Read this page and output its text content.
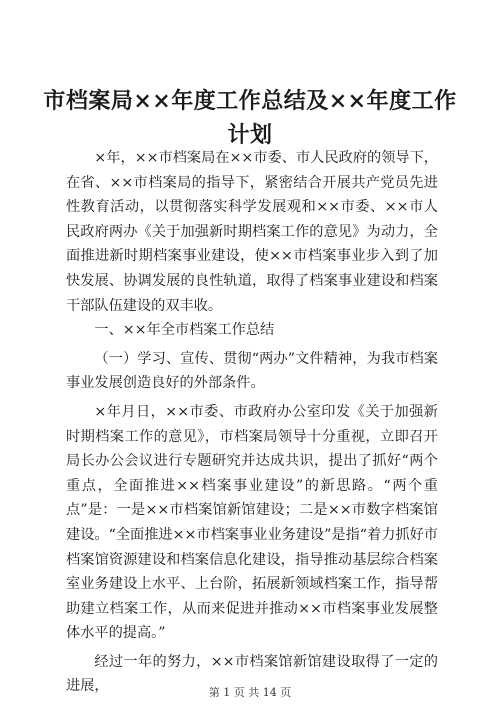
市档案局××年度工作总结及××年度工作计划

×年，××市档案局在××市委、市人民政府的领导下，在省、××市档案局的指导下，紧密结合开展共产党员先进性教育活动，以贯彻落实科学发展观和××市委、××市人民政府两办《关于加强新时期档案工作的意见》为动力，全面推进新时期档案事业建设，使××市档案事业步入到了加快发展、协调发展的良性轨道，取得了档案事业建设和档案干部队伍建设的双丰收。

一、××年全市档案工作总结

（一）学习、宣传、贯彻“两办”文件精神，为我市档案事业发展创造良好的外部条件。

×年月日，××市委、市政府办公室印发《关于加强新时期档案工作的意见》，市档案局领导十分重视，立即召开局长办公会议进行专题研究并达成共识，提出了抓好“两个重点，全面推进××档案事业建设”的新思路。“两个重点”是：一是××市档案馆新馆建设；二是××市数字档案馆建设。“全面推进××市档案事业业务建设”是指“着力抓好市档案馆资源建设和档案信息化建设，指导推动基层综合档案室业务建设上水平、上台阶，拓展新领域档案工作，指导帮助建立档案工作，从而来促进并推动××市档案事业发展整体水平的提高。”

经过一年的努力，××市档案馆新馆建设取得了一定的进展，	第 1 页 共 14 页
